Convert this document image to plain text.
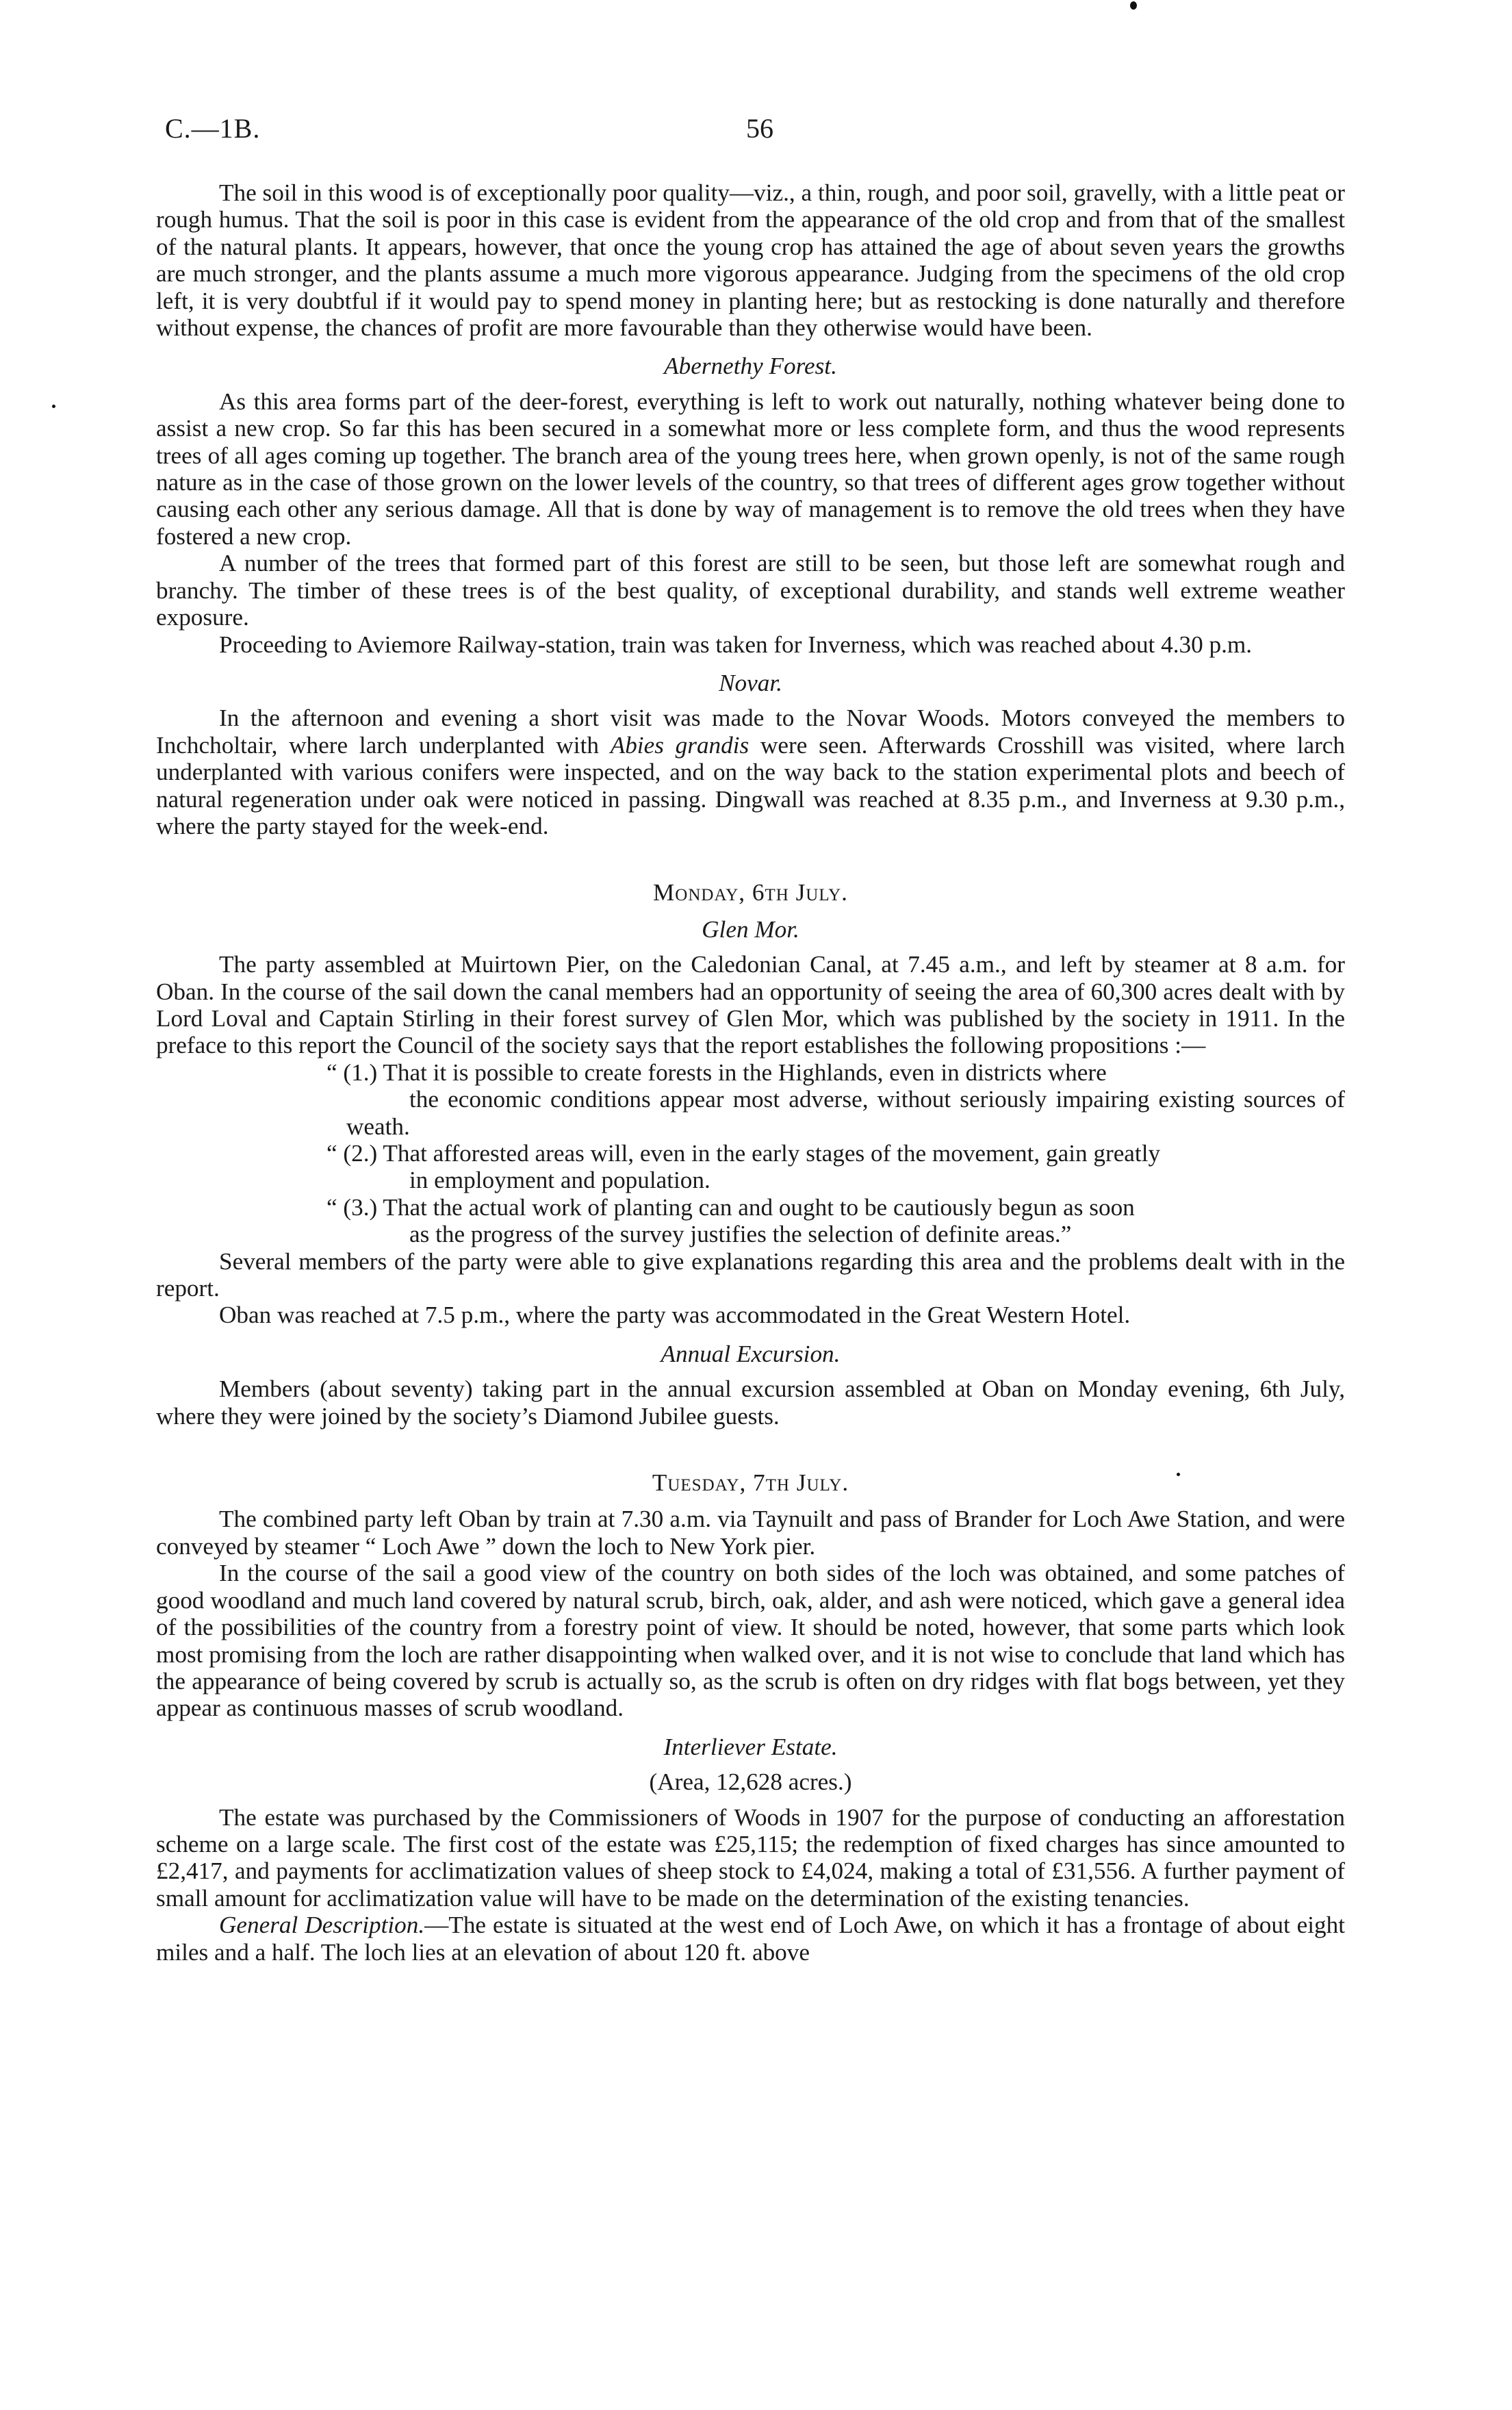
C.—1B.	56

The soil in this wood is of exceptionally poor quality—viz., a thin, rough, and poor soil, gravelly, with a little peat or rough humus. That the soil is poor in this case is evident from the appearance of the old crop and from that of the smallest of the natural plants. It appears, however, that once the young crop has attained the age of about seven years the growths are much stronger, and the plants assume a much more vigorous appearance. Judging from the specimens of the old crop left, it is very doubtful if it would pay to spend money in planting here; but as restocking is done naturally and therefore without expense, the chances of profit are more favourable than they otherwise would have been.

Abernethy Forest.

As this area forms part of the deer-forest, everything is left to work out naturally, nothing whatever being done to assist a new crop. So far this has been secured in a somewhat more or less complete form, and thus the wood represents trees of all ages coming up together. The branch area of the young trees here, when grown openly, is not of the same rough nature as in the case of those grown on the lower levels of the country, so that trees of different ages grow together without causing each other any serious damage. All that is done by way of management is to remove the old trees when they have fostered a new crop.

A number of the trees that formed part of this forest are still to be seen, but those left are somewhat rough and branchy. The timber of these trees is of the best quality, of exceptional durability, and stands well extreme weather exposure.

Proceeding to Aviemore Railway-station, train was taken for Inverness, which was reached about 4.30 p.m.

Novar.

In the afternoon and evening a short visit was made to the Novar Woods. Motors conveyed the members to Inchcholtair, where larch underplanted with Abies grandis were seen. Afterwards Crosshill was visited, where larch underplanted with various conifers were inspected, and on the way back to the station experimental plots and beech of natural regeneration under oak were noticed in passing. Dingwall was reached at 8.35 p.m., and Inverness at 9.30 p.m., where the party stayed for the week-end.

Monday, 6th July.
Glen Mor.

The party assembled at Muirtown Pier, on the Caledonian Canal, at 7.45 a.m., and left by steamer at 8 a.m. for Oban. In the course of the sail down the canal members had an opportunity of seeing the area of 60,300 acres dealt with by Lord Loval and Captain Stirling in their forest survey of Glen Mor, which was published by the society in 1911. In the preface to this report the Council of the society says that the report establishes the following propositions :—

“ (1.) That it is possible to create forests in the Highlands, even in districts where
the economic conditions appear most adverse, without seriously impairing existing sources of weath.

“ (2.) That afforested areas will, even in the early stages of the movement, gain greatly
in employment and population.

“ (3.) That the actual work of planting can and ought to be cautiously begun as soon
as the progress of the survey justifies the selection of definite areas.”

Several members of the party were able to give explanations regarding this area and the problems dealt with in the report.

Oban was reached at 7.5 p.m., where the party was accommodated in the Great Western Hotel.

Annual Excursion.

Members (about seventy) taking part in the annual excursion assembled at Oban on Monday evening, 6th July, where they were joined by the society’s Diamond Jubilee guests.

Tuesday, 7th July.

The combined party left Oban by train at 7.30 a.m. via Taynuilt and pass of Brander for Loch Awe Station, and were conveyed by steamer “ Loch Awe ” down the loch to New York pier.

In the course of the sail a good view of the country on both sides of the loch was obtained, and some patches of good woodland and much land covered by natural scrub, birch, oak, alder, and ash were noticed, which gave a general idea of the possibilities of the country from a forestry point of view. It should be noted, however, that some parts which look most promising from the loch are rather disappointing when walked over, and it is not wise to conclude that land which has the appearance of being covered by scrub is actually so, as the scrub is often on dry ridges with flat bogs between, yet they appear as continuous masses of scrub woodland.

Interliever Estate.
(Area, 12,628 acres.)

The estate was purchased by the Commissioners of Woods in 1907 for the purpose of conducting an afforestation scheme on a large scale. The first cost of the estate was £25,115; the redemption of fixed charges has since amounted to £2,417, and payments for acclimatization values of sheep stock to £4,024, making a total of £31,556. A further payment of small amount for acclimatization value will have to be made on the determination of the existing tenancies.

General Description.—The estate is situated at the west end of Loch Awe, on which it has a frontage of about eight miles and a half. The loch lies at an elevation of about 120 ft. above
